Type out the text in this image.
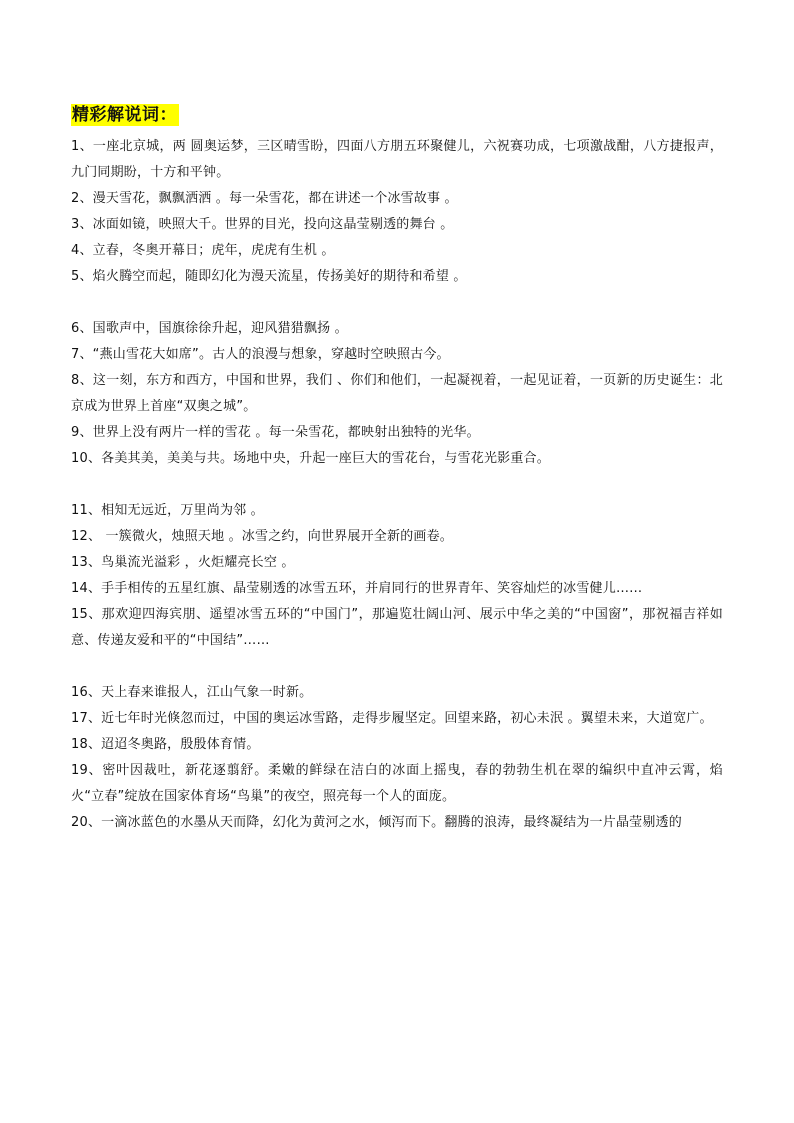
精彩解说词：

1、一座北京城，两 圆奥运梦，三区晴雪盼，四面八方朋五环聚健儿，六祝赛功成，七项激战酣，八方捷报声，九门同期盼，十方和平钟。

2、漫天雪花，飘飘洒洒 。每一朵雪花，都在讲述一个冰雪故事 。

3、冰面如镜，映照大千。世界的目光，投向这晶莹剔透的舞台 。

4、立春，冬奥开幕日；虎年，虎虎有生机 。

5、焰火腾空而起，随即幻化为漫天流星，传扬美好的期待和希望 。

6、国歌声中，国旗徐徐升起，迎风猎猎飘扬 。

7、“燕山雪花大如席”。古人的浪漫与想象，穿越时空映照古今。

8、这一刻，东方和西方，中国和世界，我们 、你们和他们，一起凝视着，一起见证着，一页新的历史诞生：北京成为世界上首座“双奥之城”。

9、世界上没有两片一样的雪花 。每一朵雪花，都映射出独特的光华。

10、各美其美，美美与共。场地中央，升起一座巨大的雪花台，与雪花光影重合。

11、相知无远近，万里尚为邻 。

12、 一簇微火，烛照天地 。冰雪之约，向世界展开全新的画卷。

13、鸟巢流光溢彩 ，火炬耀亮长空 。

14、手手相传的五星红旗、晶莹剔透的冰雪五环，并肩同行的世界青年、笑容灿烂的冰雪健儿……

15、那欢迎四海宾朋、遥望冰雪五环的“中国门”，那遍览壮阔山河、展示中华之美的“中国窗”，那祝福吉祥如意、传递友爱和平的“中国结”……

16、天上春来谁报人，江山气象一时新。

17、近七年时光倏忽而过，中国的奥运冰雪路，走得步履坚定。回望来路，初心未泯 。翼望未来，大道宽广。

18、迢迢冬奥路，殷殷体育情。

19、密叶因裁吐，新花逐翦舒。柔嫩的鲜绿在洁白的冰面上摇曳，春的勃勃生机在翠的编织中直冲云霄，焰火“立春”绽放在国家体育场“鸟巢”的夜空，照亮每一个人的面庞。

20、一滴冰蓝色的水墨从天而降，幻化为黄河之水，倾泻而下。翻腾的浪涛，最终凝结为一片晶莹剔透的
